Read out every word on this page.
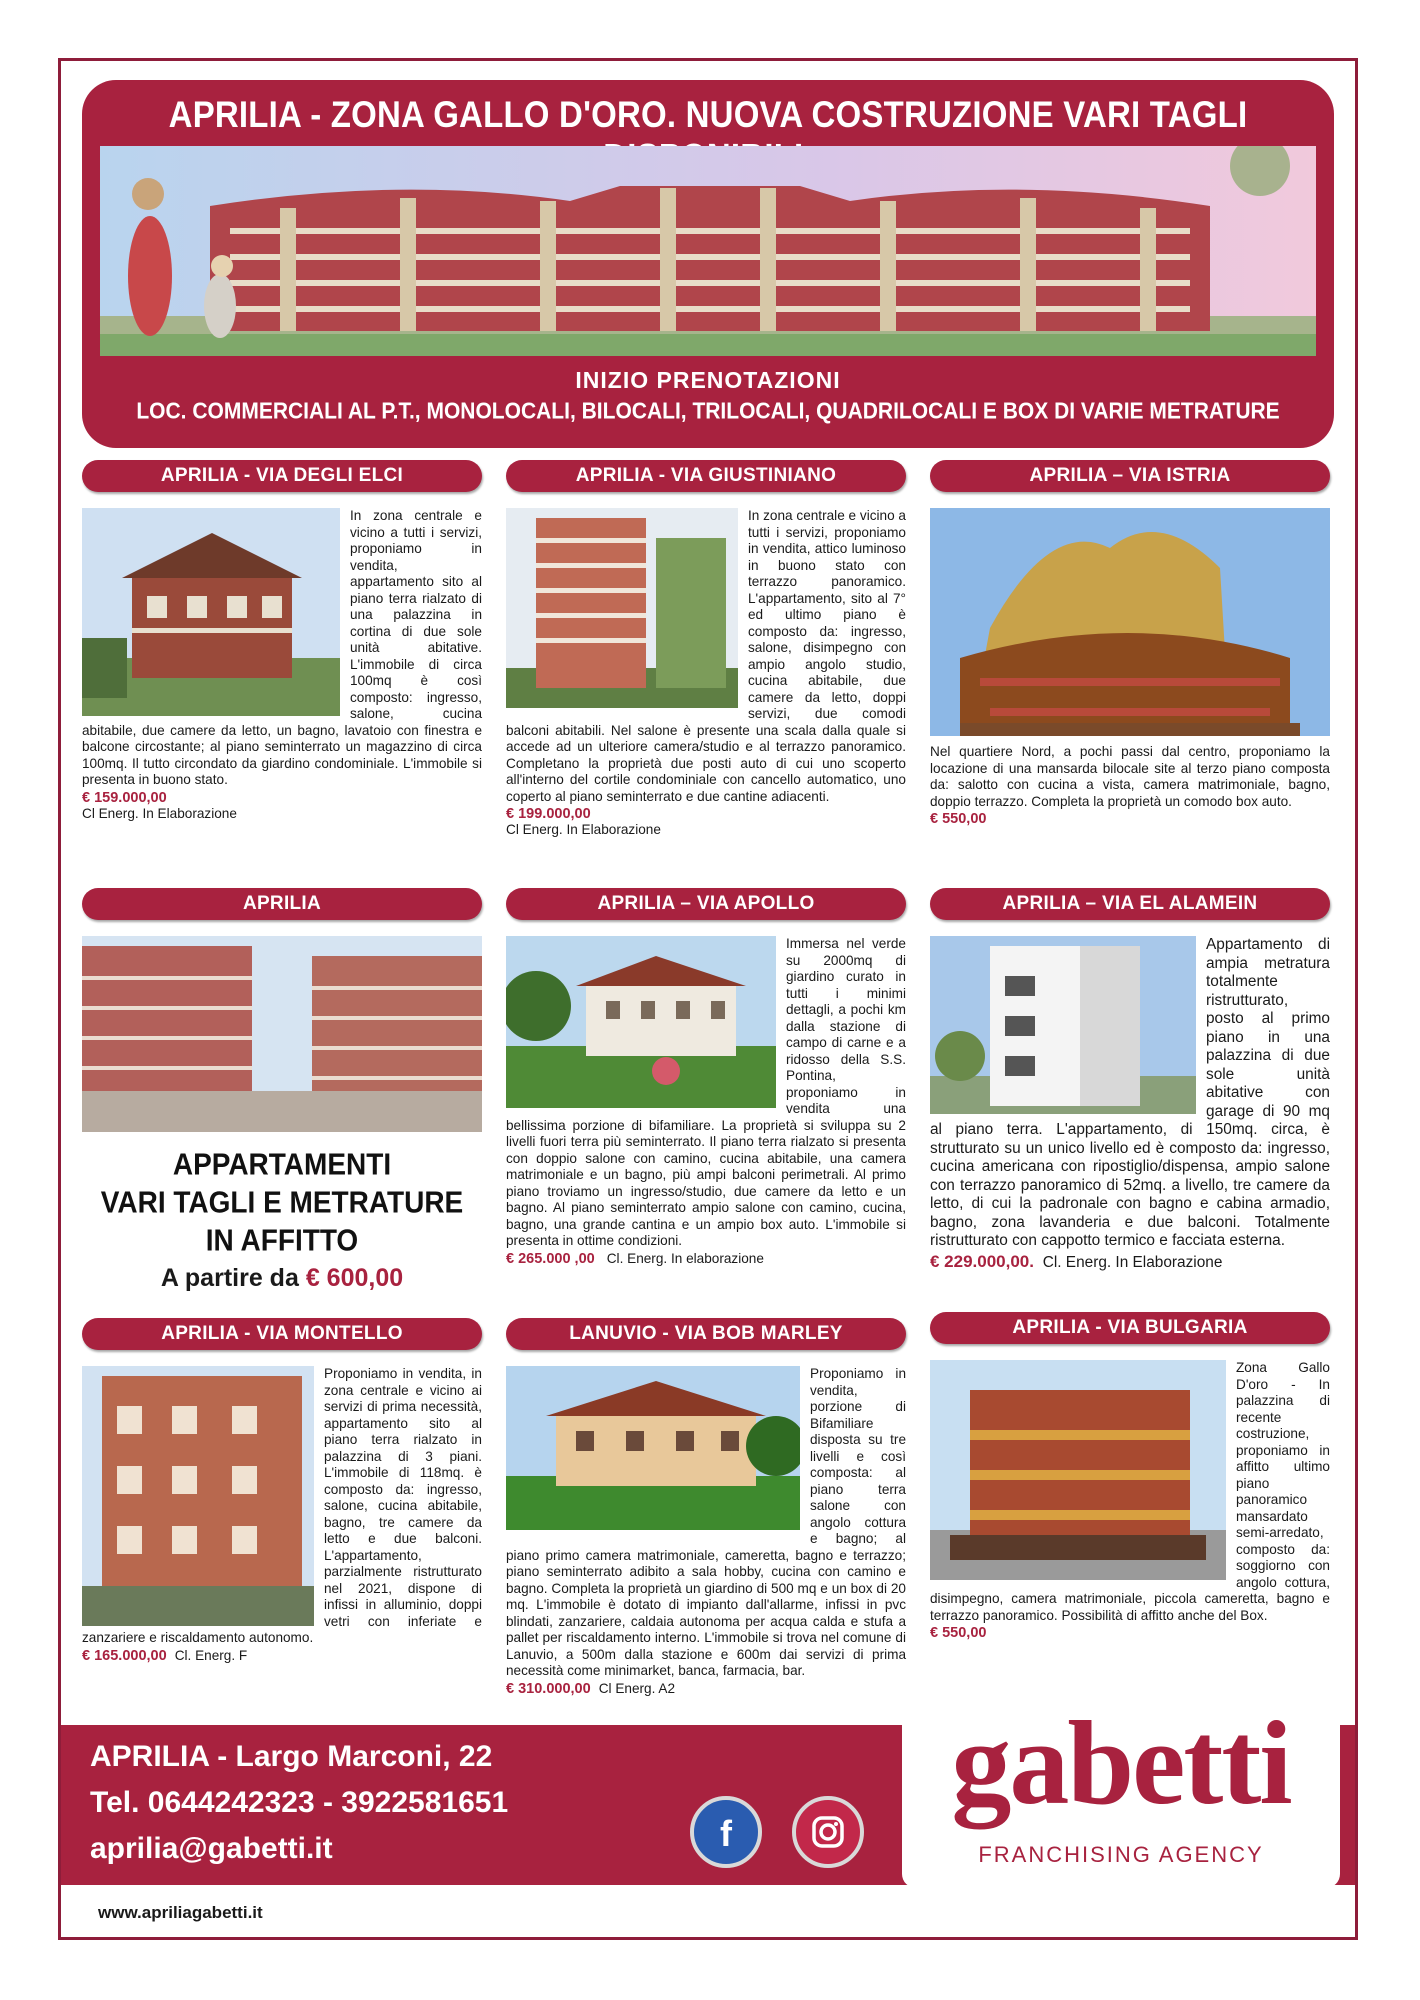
APRILIA - ZONA GALLO D'ORO. NUOVA COSTRUZIONE VARI TAGLI
INIZIO PRENOTAZIONI
LOC. COMMERCIALI AL P.T., MONOLOCALI, BILOCALI, TRILOCALI, QUADRILOCALI E BOX DI VARIE METRATURE
APRILIA - VIA DEGLI ELCI	APRILIA - VIA GIUSTINIANO	APRILIA – VIA ISTRIA
In zona centrale e vicino a tutti i servizi, proponiamo in vendita, appartamento sito al piano terra rialzato di una palazzina in cortina di due sole unità abitative. L'immobile di circa 100mq è così composto: ingresso, salone, cucina abitabile, due camere da letto, un bagno, lavatoio con finestra e balcone circostante; al piano seminterrato un magazzino di circa 100mq. Il tutto circondato da giardino condominiale. L'immobile si presenta in buono stato.
€ 159.000,00
Cl Energ. In Elaborazione
In zona centrale e vicino a tutti i servizi, proponiamo in vendita, attico luminoso in buono stato con terrazzo panoramico. L'appartamento, sito al 7° ed ultimo piano è composto da: ingresso, salone, disimpegno con ampio angolo studio, cucina abitabile, due camere da letto, doppi servizi, due comodi balconi abitabili. Nel salone è presente una scala dalla quale si accede ad un ulteriore camera/studio e al terrazzo panoramico. Completano la proprietà due posti auto di cui uno scoperto all'interno del cortile condominiale con cancello automatico, uno coperto al piano seminterrato e due cantine adiacenti.
€ 199.000,00
Cl Energ. In Elaborazione
Nel quartiere Nord, a pochi passi dal centro, proponiamo la locazione di una mansarda bilocale site al terzo piano composta da: salotto con cucina a vista, camera matrimoniale, bagno, doppio terrazzo. Completa la proprietà un comodo box auto.
€ 550,00
APRILIA	APRILIA – VIA APOLLO	APRILIA – VIA EL ALAMEIN
APPARTAMENTI
VARI TAGLI E METRATURE
IN AFFITTO
A partire da € 600,00
Immersa nel verde su 2000mq di giardino curato in tutti i minimi dettagli, a pochi km dalla stazione di campo di carne e a ridosso della S.S. Pontina, proponiamo in vendita una bellissima porzione di bifamiliare. La proprietà si sviluppa su 2 livelli fuori terra più seminterrato. Il piano terra rialzato si presenta con doppio salone con camino, cucina abitabile, una camera matrimoniale e un bagno, più ampi balconi perimetrali. Al primo piano troviamo un ingresso/studio, due camere da letto e un bagno. Al piano seminterrato ampio salone con camino, cucina, bagno, una grande cantina e un ampio box auto. L'immobile si presenta in ottime condizioni.
€ 265.000 ,00 Cl. Energ. In elaborazione
Appartamento di ampia metratura totalmente ristrutturato, posto al primo piano in una palazzina di due sole unità abitative con garage di 90 mq al piano terra. L'appartamento, di 150mq. circa, è strutturato su un unico livello ed è composto da: ingresso, cucina americana con ripostiglio/dispensa, ampio salone con terrazzo panoramico di 52mq. a livello, tre camere da letto, di cui la padronale con bagno e cabina armadio, bagno, zona lavanderia e due balconi. Totalmente ristrutturato con cappotto termico e facciata esterna.
€ 229.000,00. Cl. Energ. In Elaborazione
APRILIA - VIA MONTELLO	LANUVIO - VIA BOB MARLEY	APRILIA - VIA BULGARIA
Proponiamo in vendita, in zona centrale e vicino ai servizi di prima necessità, appartamento sito al piano terra rialzato in palazzina di 3 piani. L'immobile di 118mq. è composto da: ingresso, salone, cucina abitabile, bagno, tre camere da letto e due balconi. L'appartamento, parzialmente ristrutturato nel 2021, dispone di infissi in alluminio, doppi vetri con inferiate e zanzariere e riscaldamento autonomo.
€ 165.000,00 Cl. Energ. F
Proponiamo in vendita, porzione di Bifamiliare disposta su tre livelli e così composta: al piano terra salone con angolo cottura e bagno; al piano primo camera matrimoniale, cameretta, bagno e terrazzo; piano seminterrato adibito a sala hobby, cucina con camino e bagno. Completa la proprietà un giardino di 500 mq e un box di 20 mq. L'immobile è dotato di impianto dall'allarme, infissi in pvc blindati, zanzariere, caldaia autonoma per acqua calda e stufa a pallet per riscaldamento interno. L'immobile si trova nel comune di Lanuvio, a 500m dalla stazione e 600m dai servizi di prima necessità come minimarket, banca, farmacia, bar.
€ 310.000,00 Cl Energ. A2
Zona Gallo D'oro - In palazzina di recente costruzione, proponiamo in affitto ultimo piano panoramico mansardato semi-arredato, composto da: soggiorno con angolo cottura, disimpegno, camera matrimoniale, piccola cameretta, bagno e terrazzo panoramico. Possibilità di affitto anche del Box.
€ 550,00
APRILIA - Largo Marconi, 22
Tel. 0644242323 - 3922581651
aprilia@gabetti.it	f
gabetti
FRANCHISING AGENCY
www.apriliagabetti.it
